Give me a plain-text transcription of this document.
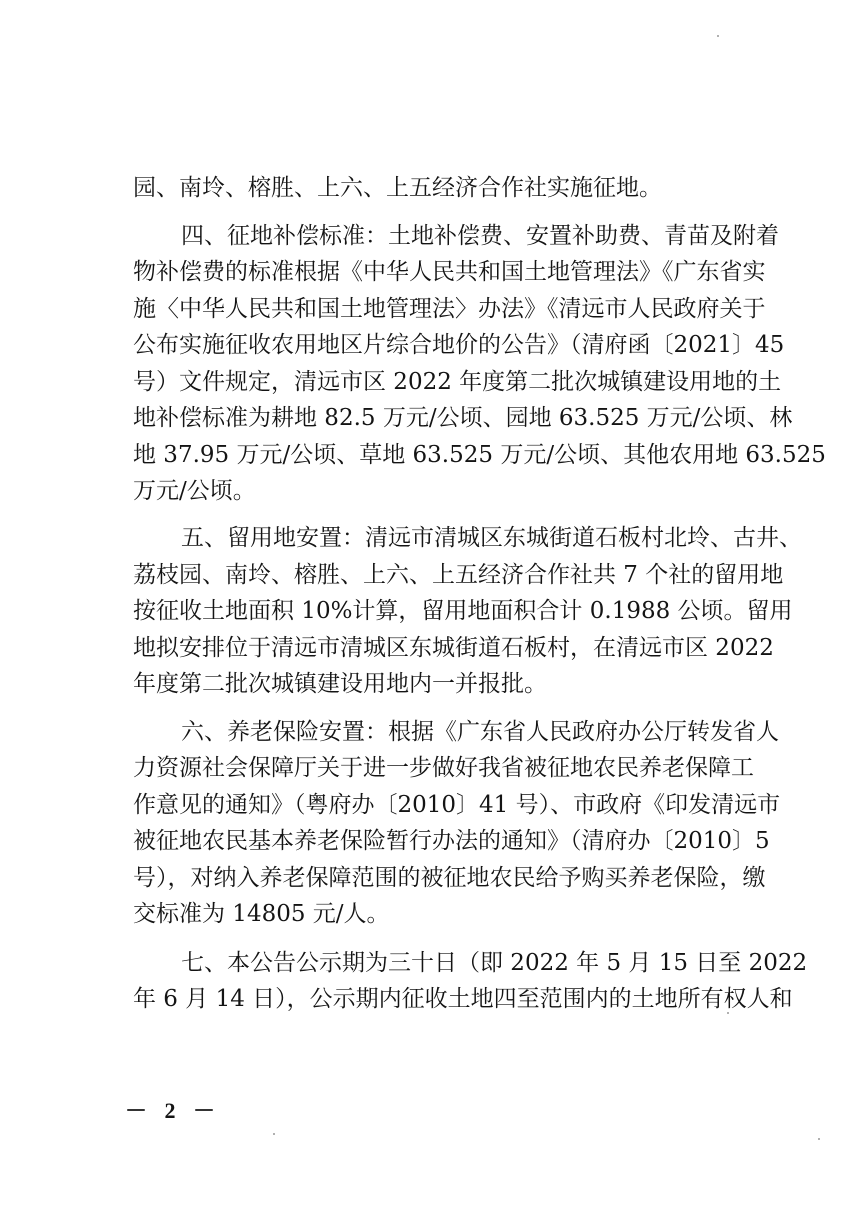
园、南坽、榕胜、上六、上五经济合作社实施征地。
四、征地补偿标准：土地补偿费、安置补助费、青苗及附着
物补偿费的标准根据《中华人民共和国土地管理法》《广东省实
施〈中华人民共和国土地管理法〉办法》《清远市人民政府关于
公布实施征收农用地区片综合地价的公告》（清府函〔2021〕45
号）文件规定，清远市区 2022 年度第二批次城镇建设用地的土
地补偿标准为耕地 82.5 万元/公顷、园地 63.525 万元/公顷、林
地 37.95 万元/公顷、草地 63.525 万元/公顷、其他农用地 63.525
万元/公顷。
五、留用地安置：清远市清城区东城街道石板村北坽、古井、
荔枝园、南坽、榕胜、上六、上五经济合作社共 7 个社的留用地
按征收土地面积 10%计算，留用地面积合计 0.1988 公顷。留用
地拟安排位于清远市清城区东城街道石板村，在清远市区 2022
年度第二批次城镇建设用地内一并报批。
六、养老保险安置：根据《广东省人民政府办公厅转发省人
力资源社会保障厅关于进一步做好我省被征地农民养老保障工
作意见的通知》（粤府办〔2010〕41 号）、市政府《印发清远市
被征地农民基本养老保险暂行办法的通知》（清府办〔2010〕5
号），对纳入养老保障范围的被征地农民给予购买养老保险，缴
交标准为 14805 元/人。
七、本公告公示期为三十日（即 2022 年 5 月 15 日至 2022
年 6 月 14 日），公示期内征收土地四至范围内的土地所有权人和
－ 2 －
